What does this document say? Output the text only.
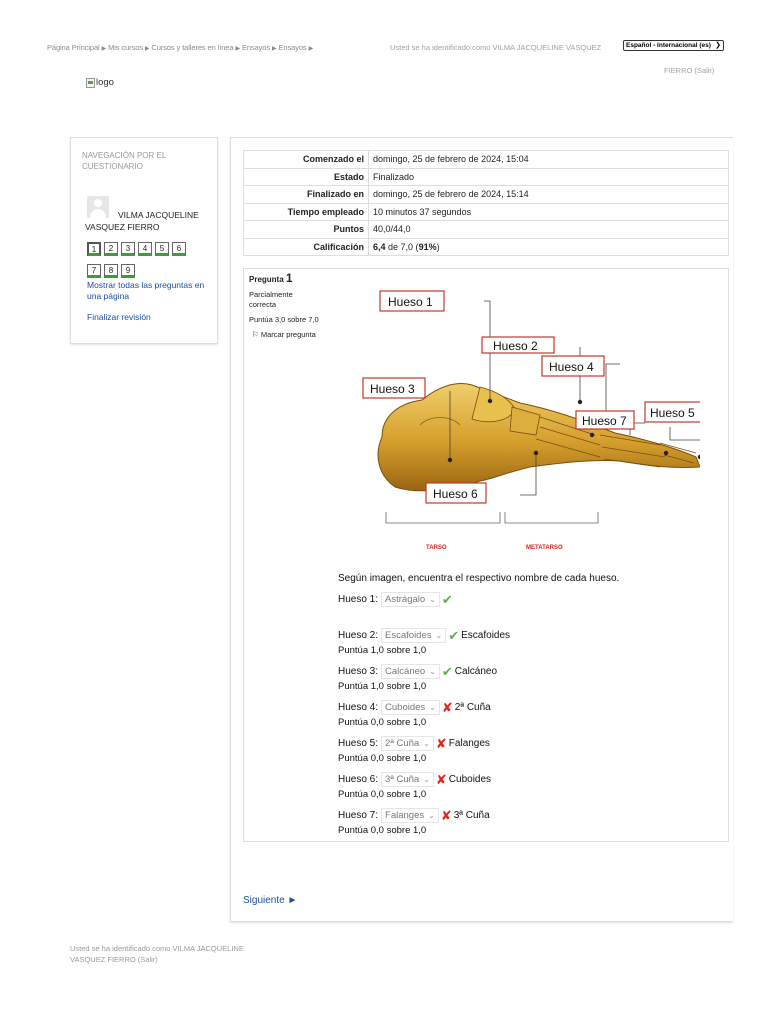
Página Principal ▶ Mis cursos ▶ Cursos y talleres en línea ▶ Ensayos ▶ Ensayos ▶	Usted se ha identificado como VILMA JACQUELINE VASQUEZ	Español - Internacional (es) ❯
FIERRO (Salir)
logo
NAVEGACIÓN POR EL CUESTIONARIO
VILMA JACQUELINE VASQUEZ FIERRO
1	2	3	4	5	6
7	8	9
Mostrar todas las preguntas en una página
Finalizar revisión
Comenzado el	domingo, 25 de febrero de 2024, 15:04
Estado	Finalizado
Finalizado en	domingo, 25 de febrero de 2024, 15:14
Tiempo empleado	10 minutos 37 segundos
Puntos	40,0/44,0
Calificación	6,4 de 7,0 (91%)
Pregunta 1

Parcialmente correcta

Puntúa 3,0 sobre 7,0

⚐ Marcar pregunta

Hueso 1
Hueso 2
Hueso 3
Hueso 4
Hueso 5
Hueso 7
Hueso 6
TARSO	METATARSO
Según imagen, encuentra el respectivo nombre de cada hueso.
Hueso 1: Astrágalo ⌄ ✔
Hueso 2: Escafoides ⌄ ✔ Escafoides
Puntúa 1,0 sobre 1,0
Hueso 3: Calcáneo ⌄ ✔ Calcáneo
Puntúa 1,0 sobre 1,0
Hueso 4: Cuboides ⌄ ✘ 2ª Cuña
Puntúa 0,0 sobre 1,0
Hueso 5: 2ª Cuña ⌄ ✘ Falanges
Puntúa 0,0 sobre 1,0
Hueso 6: 3ª Cuña ⌄ ✘ Cuboides
Puntúa 0,0 sobre 1,0
Hueso 7: Falanges ⌄ ✘ 3ª Cuña
Puntúa 0,0 sobre 1,0
Siguiente ►
Usted se ha identificado como VILMA JACQUELINE VASQUEZ FIERRO (Salir)
